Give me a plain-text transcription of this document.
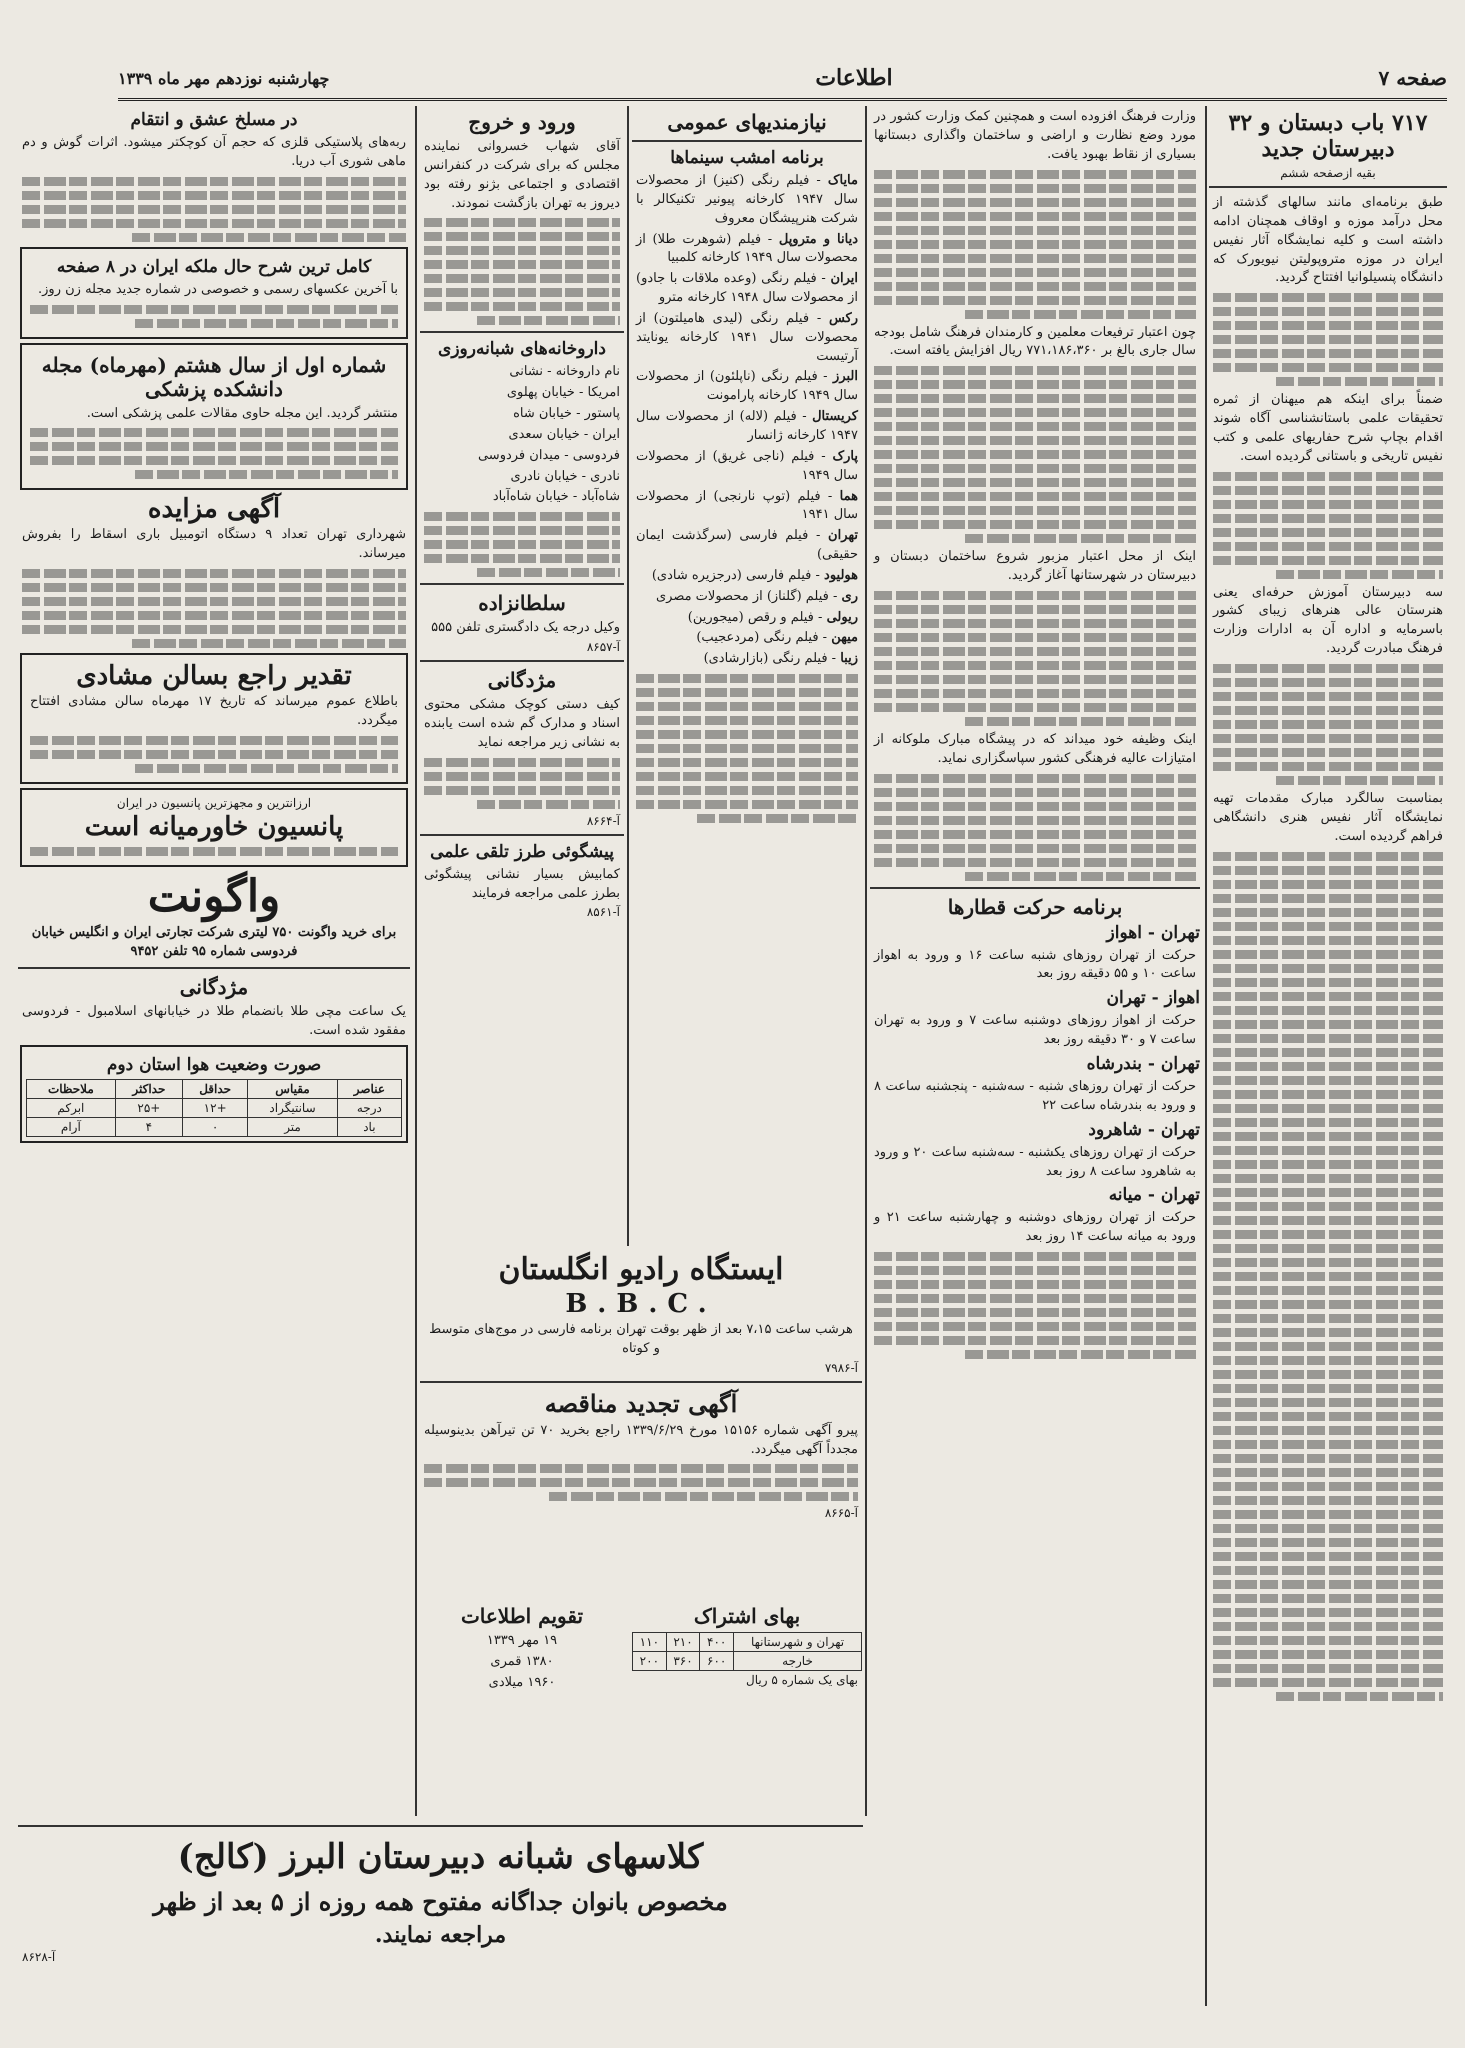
صفحه ۷
اطلاعات
چهارشنبه نوزدهم مهر ماه ۱۳۳۹
۷۱۷ باب دبستان و ۳۲ دبیرستان جدید
بقیه ازصفحه ششم
طبق برنامه‌ای مانند سالهای گذشته از محل درآمد موزه و اوقاف همچنان ادامه داشته است و کلیه نمایشگاه آثار نفیس ایران در موزه متروپولیتن نیویورک که دانشگاه پنسیلوانیا افتتاح گردید.
ضمناً برای اینکه هم میهنان از ثمره تحقیقات علمی باستانشناسی آگاه شوند اقدام بچاپ شرح حفاریهای علمی و کتب نفیس تاریخی و باستانی گردیده است.
سه دبیرستان آموزش حرفه‌ای یعنی هنرستان عالی هنرهای زیبای کشور باسرمایه و اداره آن به ادارات وزارت فرهنگ مبادرت گردید.
بمناسبت سالگرد مبارک مقدمات تهیه نمایشگاه آثار نفیس هنری دانشگاهی فراهم گردیده است.
وزارت فرهنگ افزوده است و همچنین کمک وزارت کشور در مورد وضع نظارت و اراضی و ساختمان واگذاری دبستانها بسیاری از نقاط بهبود یافت.
چون اعتبار ترفیعات معلمین و کارمندان فرهنگ شامل بودجه سال جاری بالغ بر ۷۷۱،۱۸۶،۳۶۰ ریال افزایش یافته است.
اینک از محل اعتبار مزبور شروع ساختمان دبستان و دبیرستان در شهرستانها آغاز گردید.
اینک وظیفه خود میداند که در پیشگاه مبارک ملوکانه از امتیازات عالیه فرهنگی کشور سپاسگزاری نماید.
برنامه حرکت قطارها
تهران - اهواز
حرکت از تهران روزهای شنبه ساعت ۱۶ و ورود به اهواز ساعت ۱۰ و ۵۵ دقیقه روز بعد
اهواز - تهران
حرکت از اهواز روزهای دوشنبه ساعت ۷ و ورود به تهران ساعت ۷ و ۳۰ دقیقه روز بعد
تهران - بندرشاه
حرکت از تهران روزهای شنبه - سه‌شنبه - پنجشنبه ساعت ۸ و ورود به بندرشاه ساعت ۲۲
تهران - شاهرود
حرکت از تهران روزهای یکشنبه - سه‌شنبه ساعت ۲۰ و ورود به شاهرود ساعت ۸ روز بعد
تهران - میانه
حرکت از تهران روزهای دوشنبه و چهارشنبه ساعت ۲۱ و ورود به میانه ساعت ۱۴ روز بعد
نیازمندیهای عمومی
برنامه امشب سینماها
مایاک - فیلم رنگی (کنیز) از محصولات سال ۱۹۴۷ کارخانه پیونیر تکنیکالر با شرکت هنرپیشگان معروف
دیانا و متروپل - فیلم (شوهرت طلا) از محصولات سال ۱۹۴۹ کارخانه کلمبیا
ایران - فیلم رنگی (وعده ملاقات با جادو) از محصولات سال ۱۹۴۸ کارخانه مترو
رکس - فیلم رنگی (لیدی هامیلتون) از محصولات سال ۱۹۴۱ کارخانه یونایتد آرتیست
البرز - فیلم رنگی (ناپلئون) از محصولات سال ۱۹۴۹ کارخانه پارامونت
کریستال - فیلم (لاله) از محصولات سال ۱۹۴۷ کارخانه ژانسار
پارک - فیلم (ناجی غریق) از محصولات سال ۱۹۴۹
هما - فیلم (توپ نارنجی) از محصولات سال ۱۹۴۱
تهران - فیلم فارسی (سرگذشت ایمان حقیقی)
هولیود - فیلم فارسی (درجزیره شادی)
ری - فیلم (گلناز) از محصولات مصری
ریولی - فیلم و رقص (میجورین)
میهن - فیلم رنگی (مردعجیب)
زیبا - فیلم رنگی (بازارشادی)
ورود و خروج
آقای شهاب خسروانی نماینده مجلس که برای شرکت در کنفرانس اقتصادی و اجتماعی بژنو رفته بود دیروز به تهران بازگشت نمودند.
داروخانه‌های شبانه‌روزی
نام داروخانه - نشانی
امریکا - خیابان پهلوی
پاستور - خیابان شاه
ایران - خیابان سعدی
فردوسی - میدان فردوسی
نادری - خیابان نادری
شاه‌آباد - خیابان شاه‌آباد
سلطانزاده
وکیل درجه یک دادگستری تلفن ۵۵۵
آ-۸۶۵۷
مژدگانی
کیف دستی کوچک مشکی محتوی اسناد و مدارک گم شده است یابنده به نشانی زیر مراجعه نماید
آ-۸۶۶۴
پیشگوئی طرز تلقی علمی
کمابیش بسیار نشانی پیشگوئی بطرز علمی مراجعه فرمایند
آ-۸۵۶۱
ایستگاه رادیو انگلستان
B.B.C.
هرشب ساعت ۷،۱۵ بعد از ظهر بوقت تهران برنامه فارسی در موج‌های متوسط و کوتاه
آ-۷۹۸۶
آگهی تجدید مناقصه
پیرو آگهی شماره ۱۵۱۵۶ مورخ ۱۳۳۹/۶/۲۹ راجع بخرید ۷۰ تن تیرآهن بدینوسیله مجدداً آگهی میگردد.
آ-۸۶۶۵
بهای اشتراک
تهران و شهرستانها	۴۰۰	۲۱۰	۱۱۰
خارجه	۶۰۰	۳۶۰	۲۰۰
بهای یک شماره ۵ ریال
تقویم اطلاعات
۱۹ مهر ۱۳۳۹
۱۳۸۰ قمری
۱۹۶۰ میلادی
در مسلخ عشق و انتقام
ربه‌های پلاستیکی قلزی که حجم آن کوچکتر میشود. اثرات گوش و دم ماهی شوری آب دریا.
کامل ترین شرح حال ملکه ایران در ۸ صفحه
با آخرین عکسهای رسمی و خصوصی در شماره جدید مجله زن روز.
شماره اول از سال هشتم (مهرماه) مجله دانشکده پزشکی
منتشر گردید. این مجله حاوی مقالات علمی پزشکی است.
آگهی مزایده
شهرداری تهران تعداد ۹ دستگاه اتومبیل باری اسقاط را بفروش میرساند.
تقدیر راجع بسالن مشادی
باطلاع عموم میرساند که تاریخ ۱۷ مهرماه سالن مشادی افتتاح میگردد.
ارزانترین و مجهزترین پانسیون در ایران
پانسیون خاورمیانه است
واگونت
برای خرید واگونت ۷۵۰ لیتری شرکت تجارتی ایران و انگلیس خیابان فردوسی شماره ۹۵ تلفن ۹۴۵۲
مژدگانی
یک ساعت مچی طلا بانضمام طلا در خیابانهای اسلامبول - فردوسی مفقود شده است.
صورت وضعیت هوا استان دوم
عناصر	مقیاس	حداقل	حداکثر	ملاحظات
درجه	سانتیگراد	+۱۲	+۲۵	ابرکم
باد	متر	۰	۴	آرام
کلاسهای شبانه دبیرستان البرز (کالج)
مخصوص بانوان جداگانه مفتوح همه روزه از ۵ بعد از ظهر
مراجعه نمایند.
آ-۸۶۲۸
